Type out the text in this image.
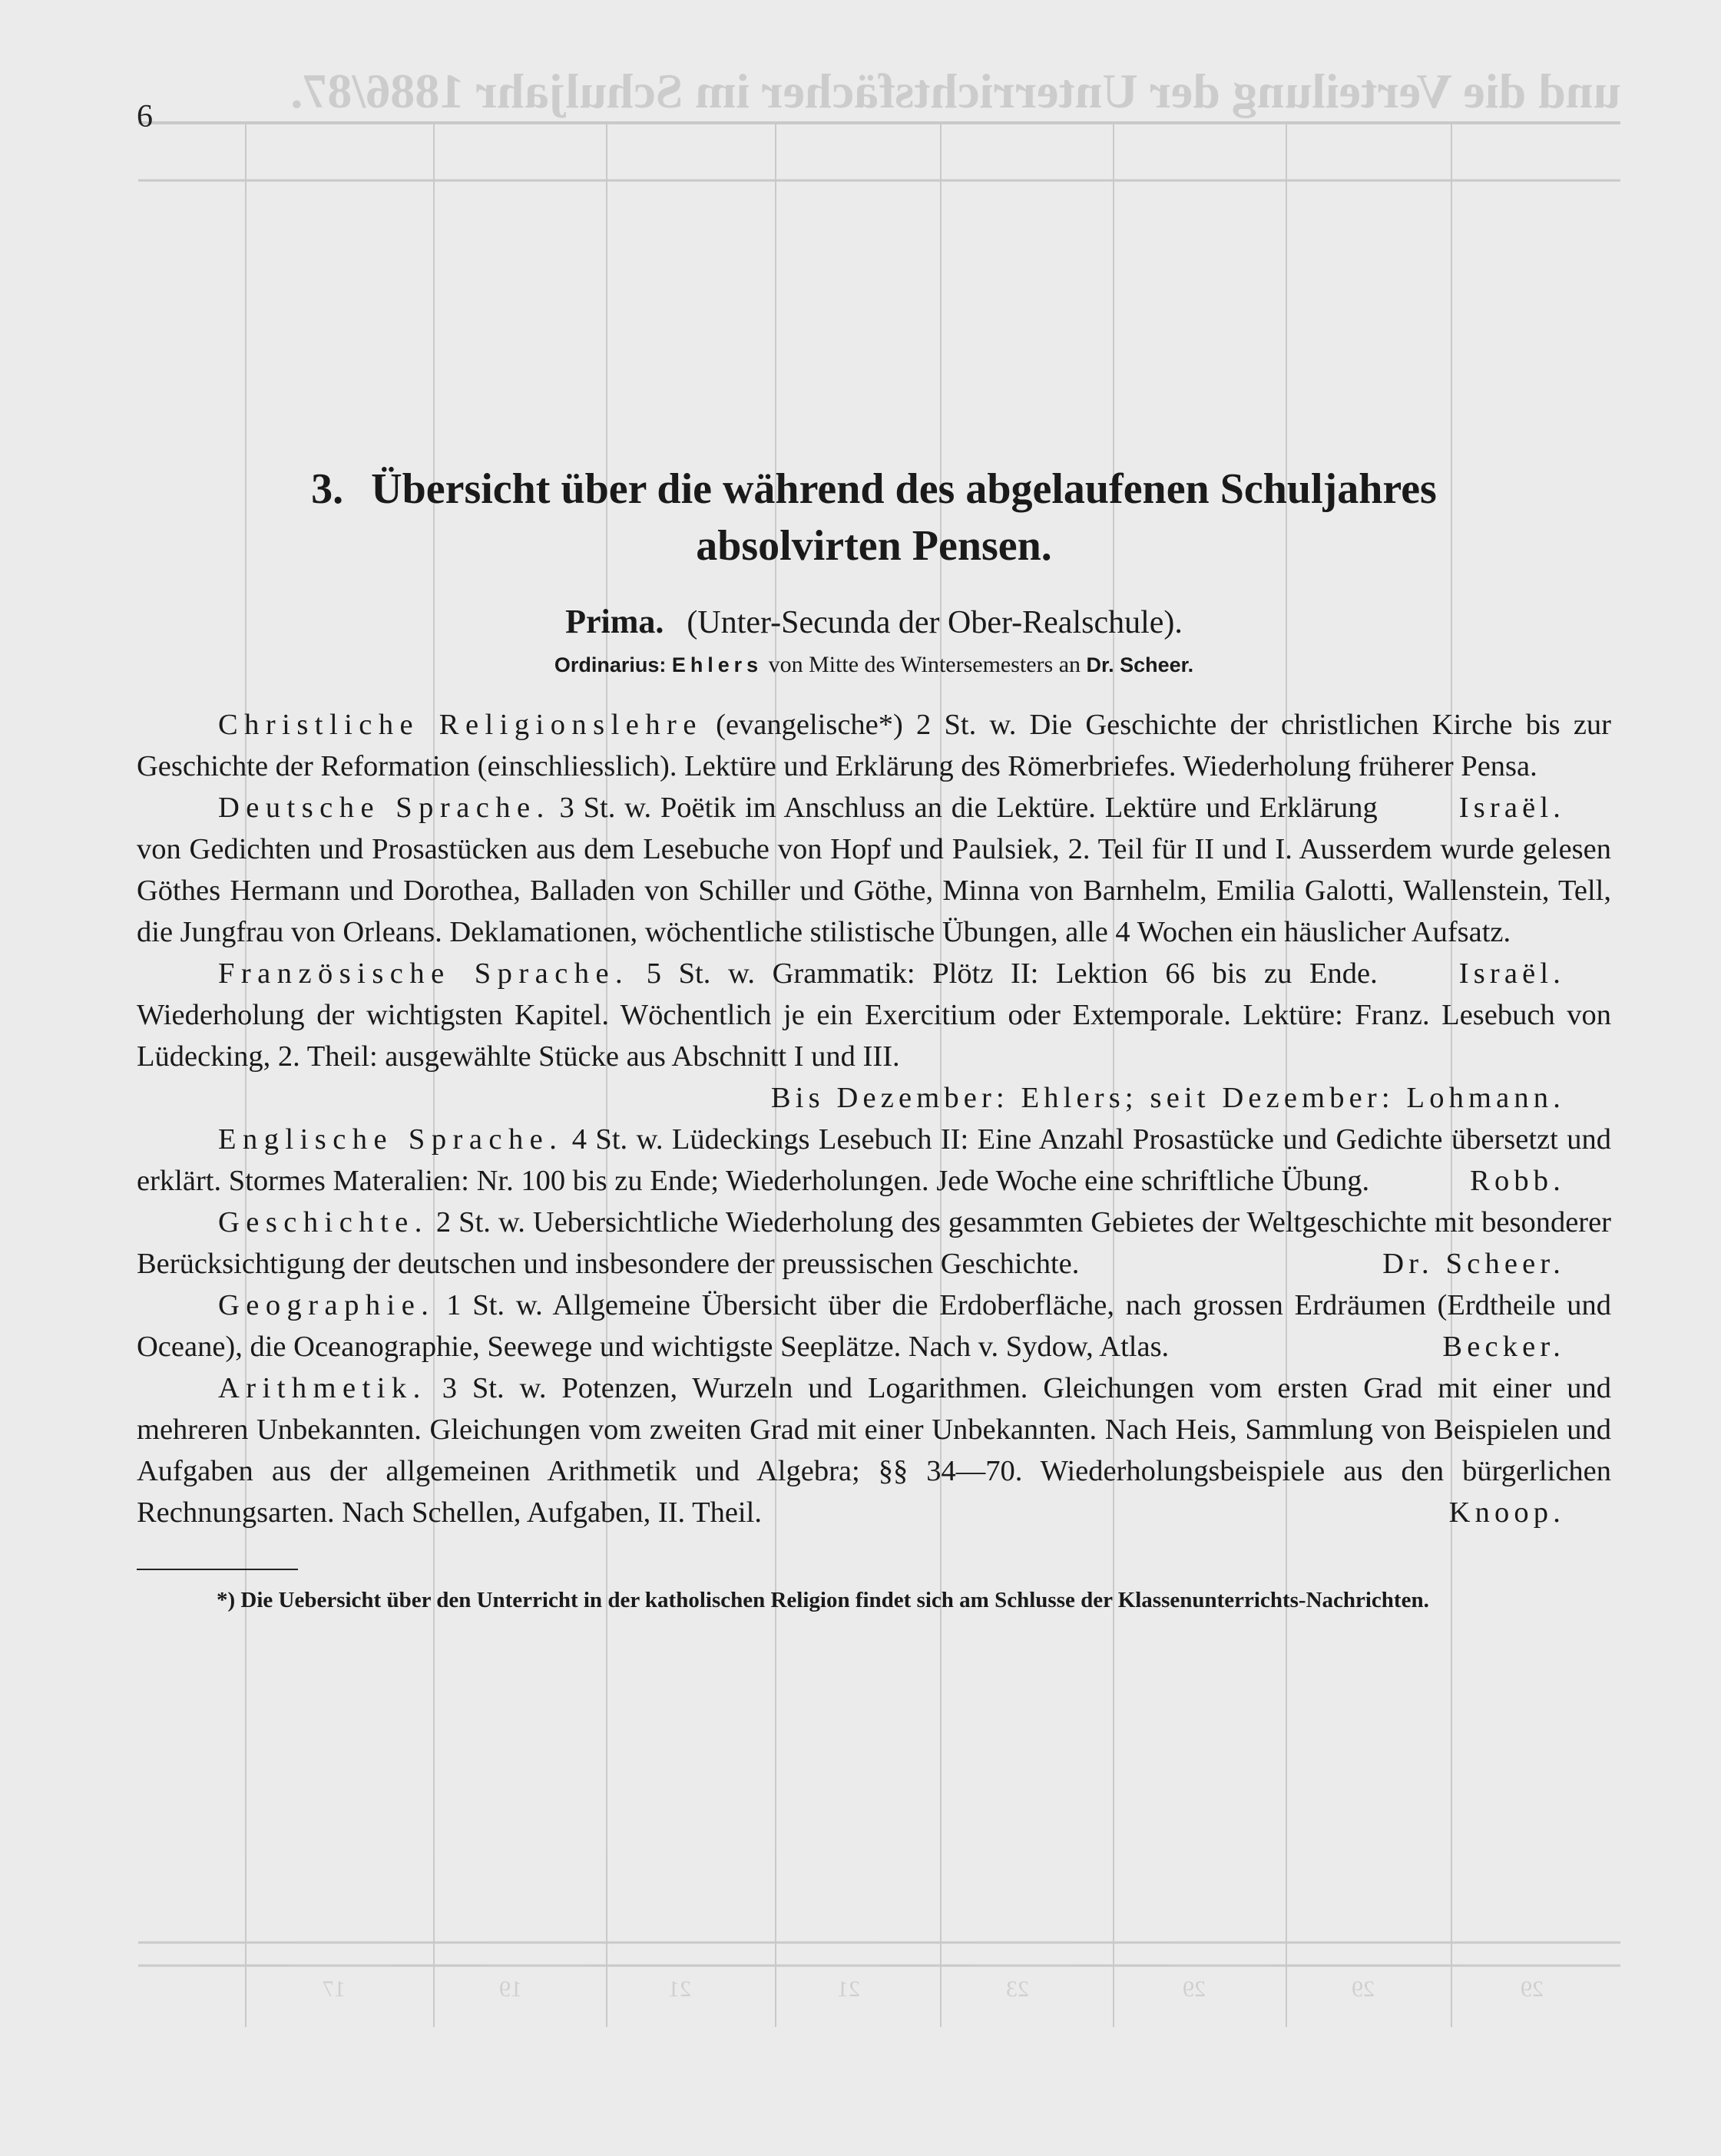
und die Verteilung der Unterrichtsfächer im Schuljahr 1886/87.
29
29
29
23
21
21
19
17
6
3. Übersicht über die während des abgelaufenen Schuljahres
absolvirten Pensen.
Prima. (Unter-Secunda der Ober-Realschule).
Ordinarius: Ehlers von Mitte des Wintersemesters an Dr. Scheer.

Christliche Religionslehre (evangelische*) 2 St. w. Die Geschichte der christlichen Kirche bis zur Geschichte der Reformation (einschliesslich). Lektüre und Erklärung des Römerbriefes. Wiederholung früherer Pensa.
Israël.

Deutsche Sprache. 3 St. w. Poëtik im Anschluss an die Lektüre. Lektüre und Erklärung von Gedichten und Prosastücken aus dem Lesebuche von Hopf und Paulsiek, 2. Teil für II und I. Ausserdem wurde gelesen Göthes Hermann und Dorothea, Balladen von Schiller und Göthe, Minna von Barnhelm, Emilia Galotti, Wallenstein, Tell, die Jungfrau von Orleans. Deklamationen, wöchentliche stilistische Übungen, alle 4 Wochen ein häuslicher Aufsatz.
Israël.

Französische Sprache. 5 St. w. Grammatik: Plötz II: Lektion 66 bis zu Ende. Wiederholung der wichtigsten Kapitel. Wöchentlich je ein Exercitium oder Extemporale. Lektüre: Franz. Lesebuch von Lüdecking, 2. Theil: ausgewählte Stücke aus Abschnitt I und III.
Bis Dezember: Ehlers; seit Dezember: Lohmann.

Englische Sprache. 4 St. w. Lüdeckings Lesebuch II: Eine Anzahl Prosastücke und Gedichte übersetzt und erklärt. Stormes Materalien: Nr. 100 bis zu Ende; Wiederholungen. Jede Woche eine schriftliche Übung.	Robb.

Geschichte. 2 St. w. Uebersichtliche Wiederholung des gesammten Gebietes der Weltgeschichte mit besonderer Berücksichtigung der deutschen und insbesondere der preussischen Geschichte.	Dr. Scheer.

Geographie. 1 St. w. Allgemeine Übersicht über die Erdoberfläche, nach grossen Erdräumen (Erdtheile und Oceane), die Oceanographie, Seewege und wichtigste Seeplätze. Nach v. Sydow, Atlas.	Becker.

Arithmetik. 3 St. w. Potenzen, Wurzeln und Logarithmen. Gleichungen vom ersten Grad mit einer und mehreren Unbekannten. Gleichungen vom zweiten Grad mit einer Unbekannten. Nach Heis, Sammlung von Beispielen und Aufgaben aus der allgemeinen Arithmetik und Algebra; §§ 34—70. Wiederholungsbeispiele aus den bürgerlichen Rechnungsarten. Nach Schellen, Aufgaben, II. Theil.	Knoop.

*) Die Uebersicht über den Unterricht in der katholischen Religion findet sich am Schlusse der Klassenunterrichts-Nachrichten.
